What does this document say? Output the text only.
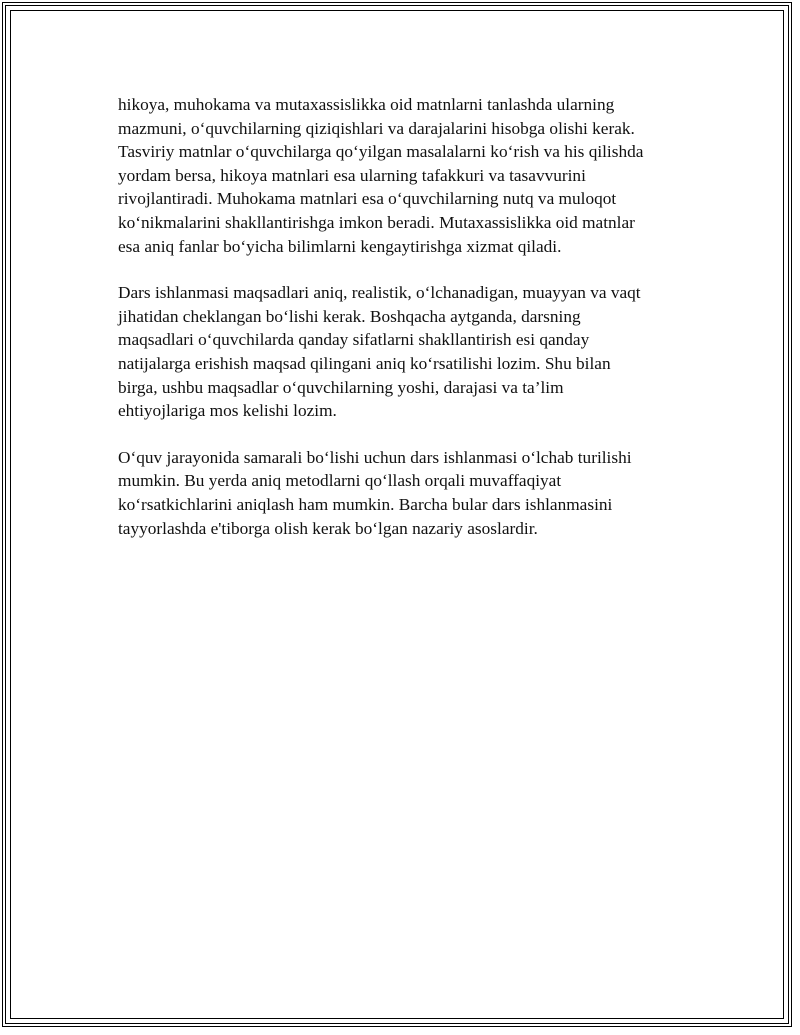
hikoya, muhokama va mutaxassislikka oid matnlarni tanlashda ularning
mazmuni, o‘quvchilarning qiziqishlari va darajalarini hisobga olishi kerak.
Tasviriy matnlar o‘quvchilarga qo‘yilgan masalalarni ko‘rish va his qilishda
yordam bersa, hikoya matnlari esa ularning tafakkuri va tasavvurini
rivojlantiradi. Muhokama matnlari esa o‘quvchilarning nutq va muloqot
ko‘nikmalarini shakllantirishga imkon beradi. Mutaxassislikka oid matnlar
esa aniq fanlar bo‘yicha bilimlarni kengaytirishga xizmat qiladi.

Dars ishlanmasi maqsadlari aniq, realistik, o‘lchanadigan, muayyan va vaqt
jihatidan cheklangan bo‘lishi kerak. Boshqacha aytganda, darsning
maqsadlari o‘quvchilarda qanday sifatlarni shakllantirish esi qanday
natijalarga erishish maqsad qilingani aniq ko‘rsatilishi lozim. Shu bilan
birga, ushbu maqsadlar o‘quvchilarning yoshi, darajasi va ta’lim
ehtiyojlariga mos kelishi lozim.

O‘quv jarayonida samarali bo‘lishi uchun dars ishlanmasi o‘lchab turilishi
mumkin. Bu yerda aniq metodlarni qo‘llash orqali muvaffaqiyat
ko‘rsatkichlarini aniqlash ham mumkin. Barcha bular dars ishlanmasini
tayyorlashda e'tiborga olish kerak bo‘lgan nazariy asoslardir.
